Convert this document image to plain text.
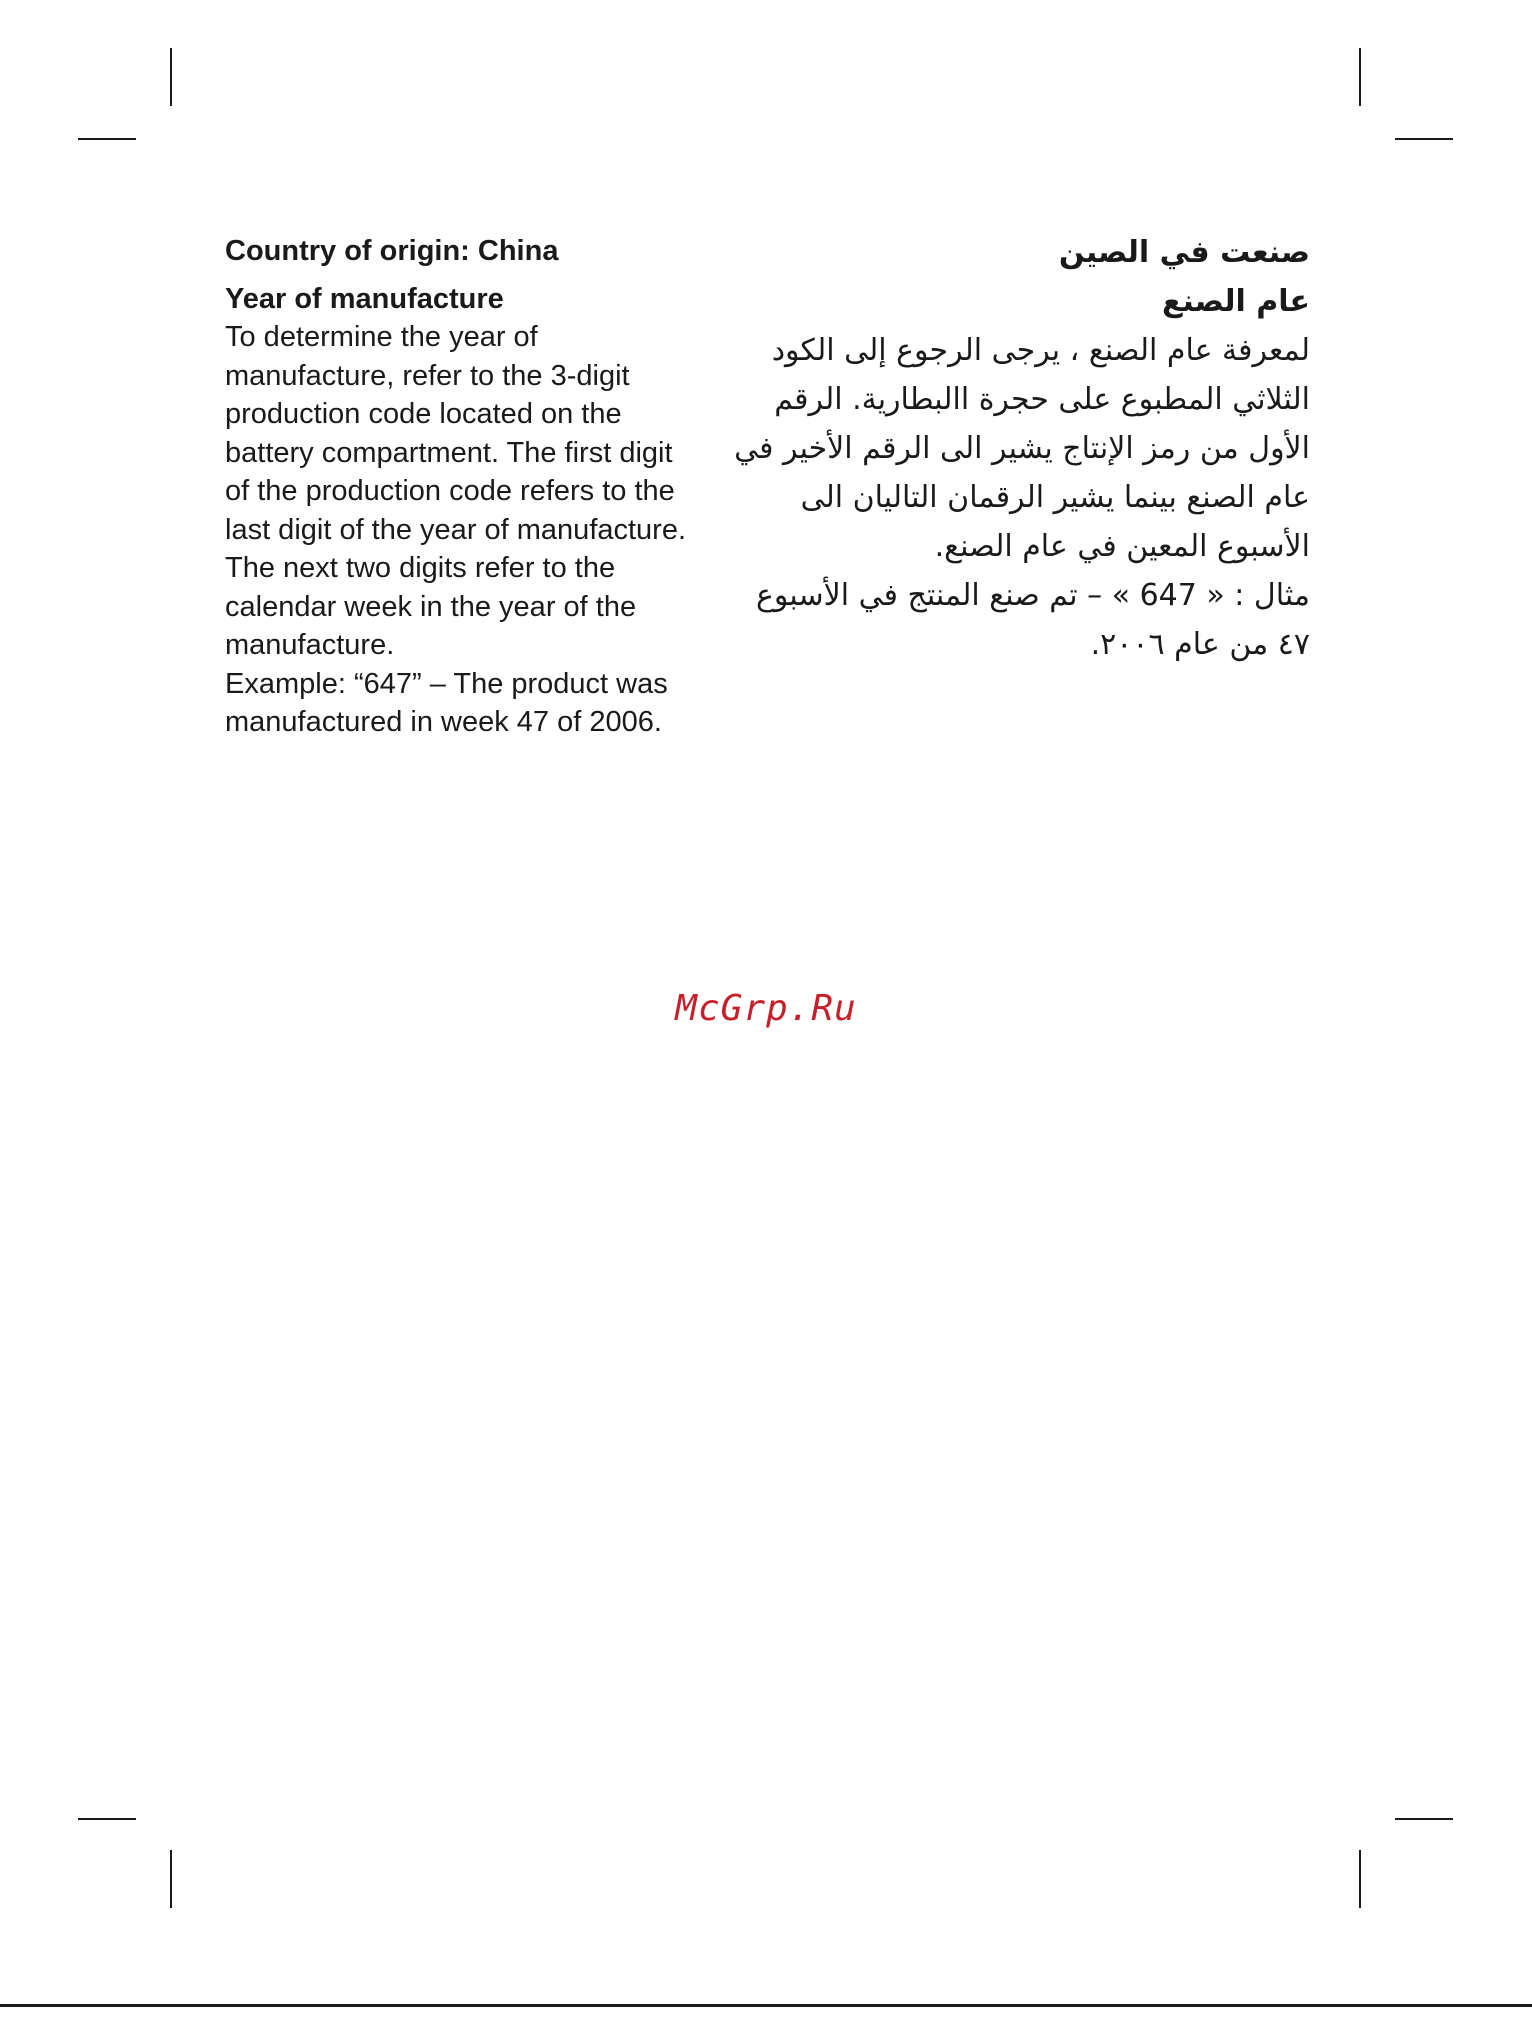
Country of origin: China

Year of manufacture

To determine the year of manufacture, refer to the 3-digit production code located on the battery compartment. The first digit of the production code refers to the last digit of the year of manufacture. The next two digits refer to the calendar week in the year of the manufacture.

Example: “647” – The product was manufactured in week 47 of 2006.

صنعت في الصين

عام الصنع

لمعرفة عام الصنع ، يرجى الرجوع إلى الكود الثلاثي المطبوع على حجرة االبطارية. الرقم الأول من رمز الإنتاج يشير الى الرقم الأخير في عام الصنع بينما يشير الرقمان التاليان الى الأسبوع المعين في عام الصنع.

مثال : « 647 » – تم صنع المنتج في الأسبوع ٤٧ من عام ٢٠٠٦.

McGrp.Ru
